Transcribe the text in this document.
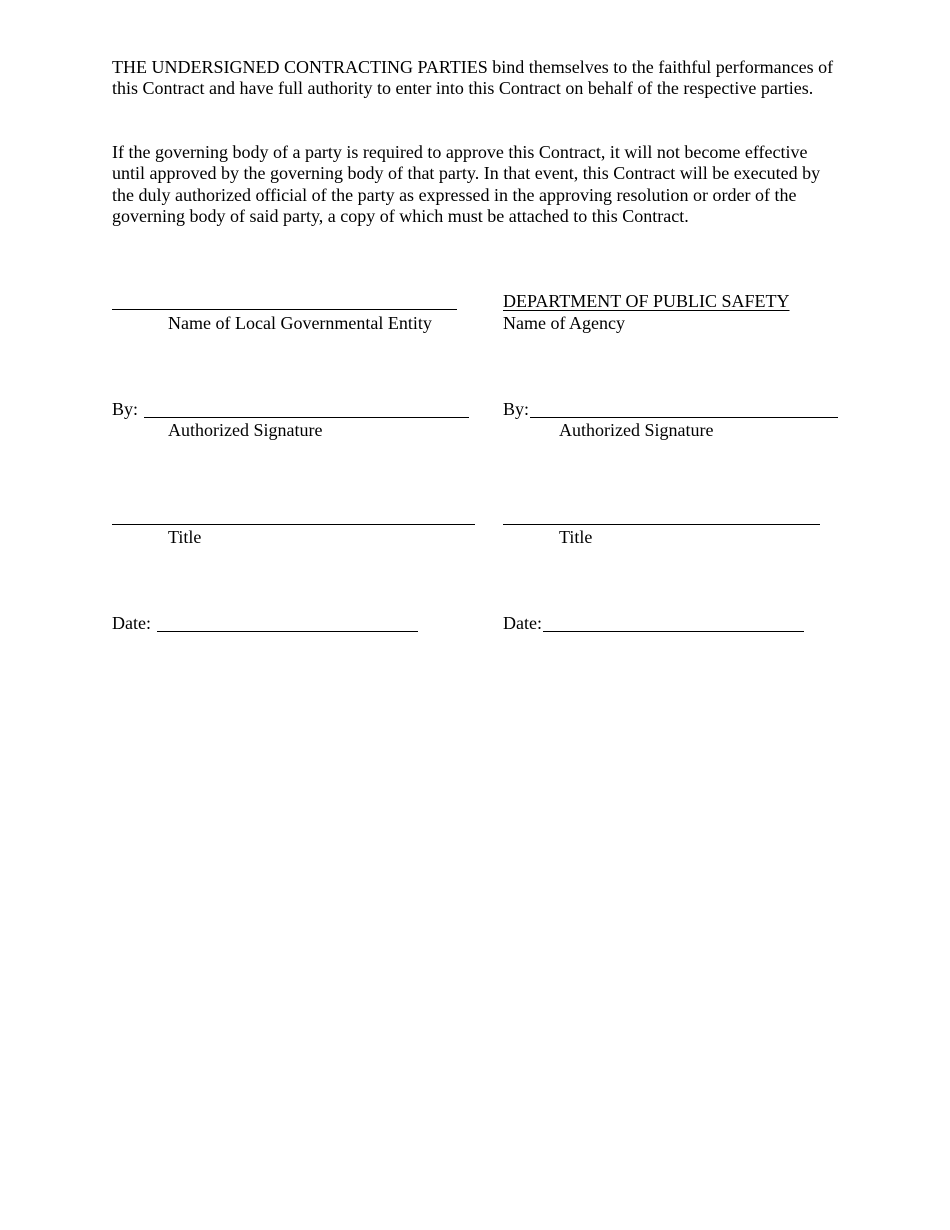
THE UNDERSIGNED CONTRACTING PARTIES bind themselves to the faithful performances of this Contract and have full authority to enter into this Contract on behalf of the respective parties.

If the governing body of a party is required to approve this Contract, it will not become effective until approved by the governing body of that party. In that event, this Contract will be executed by the duly authorized official of the party as expressed in the approving resolution or order of the governing body of said party, a copy of which must be attached to this Contract.

Name of Local Governmental Entity
DEPARTMENT OF PUBLIC SAFETY
Name of Agency
By:
Authorized Signature
By:
Authorized Signature
Title	Title
Date:	Date:
